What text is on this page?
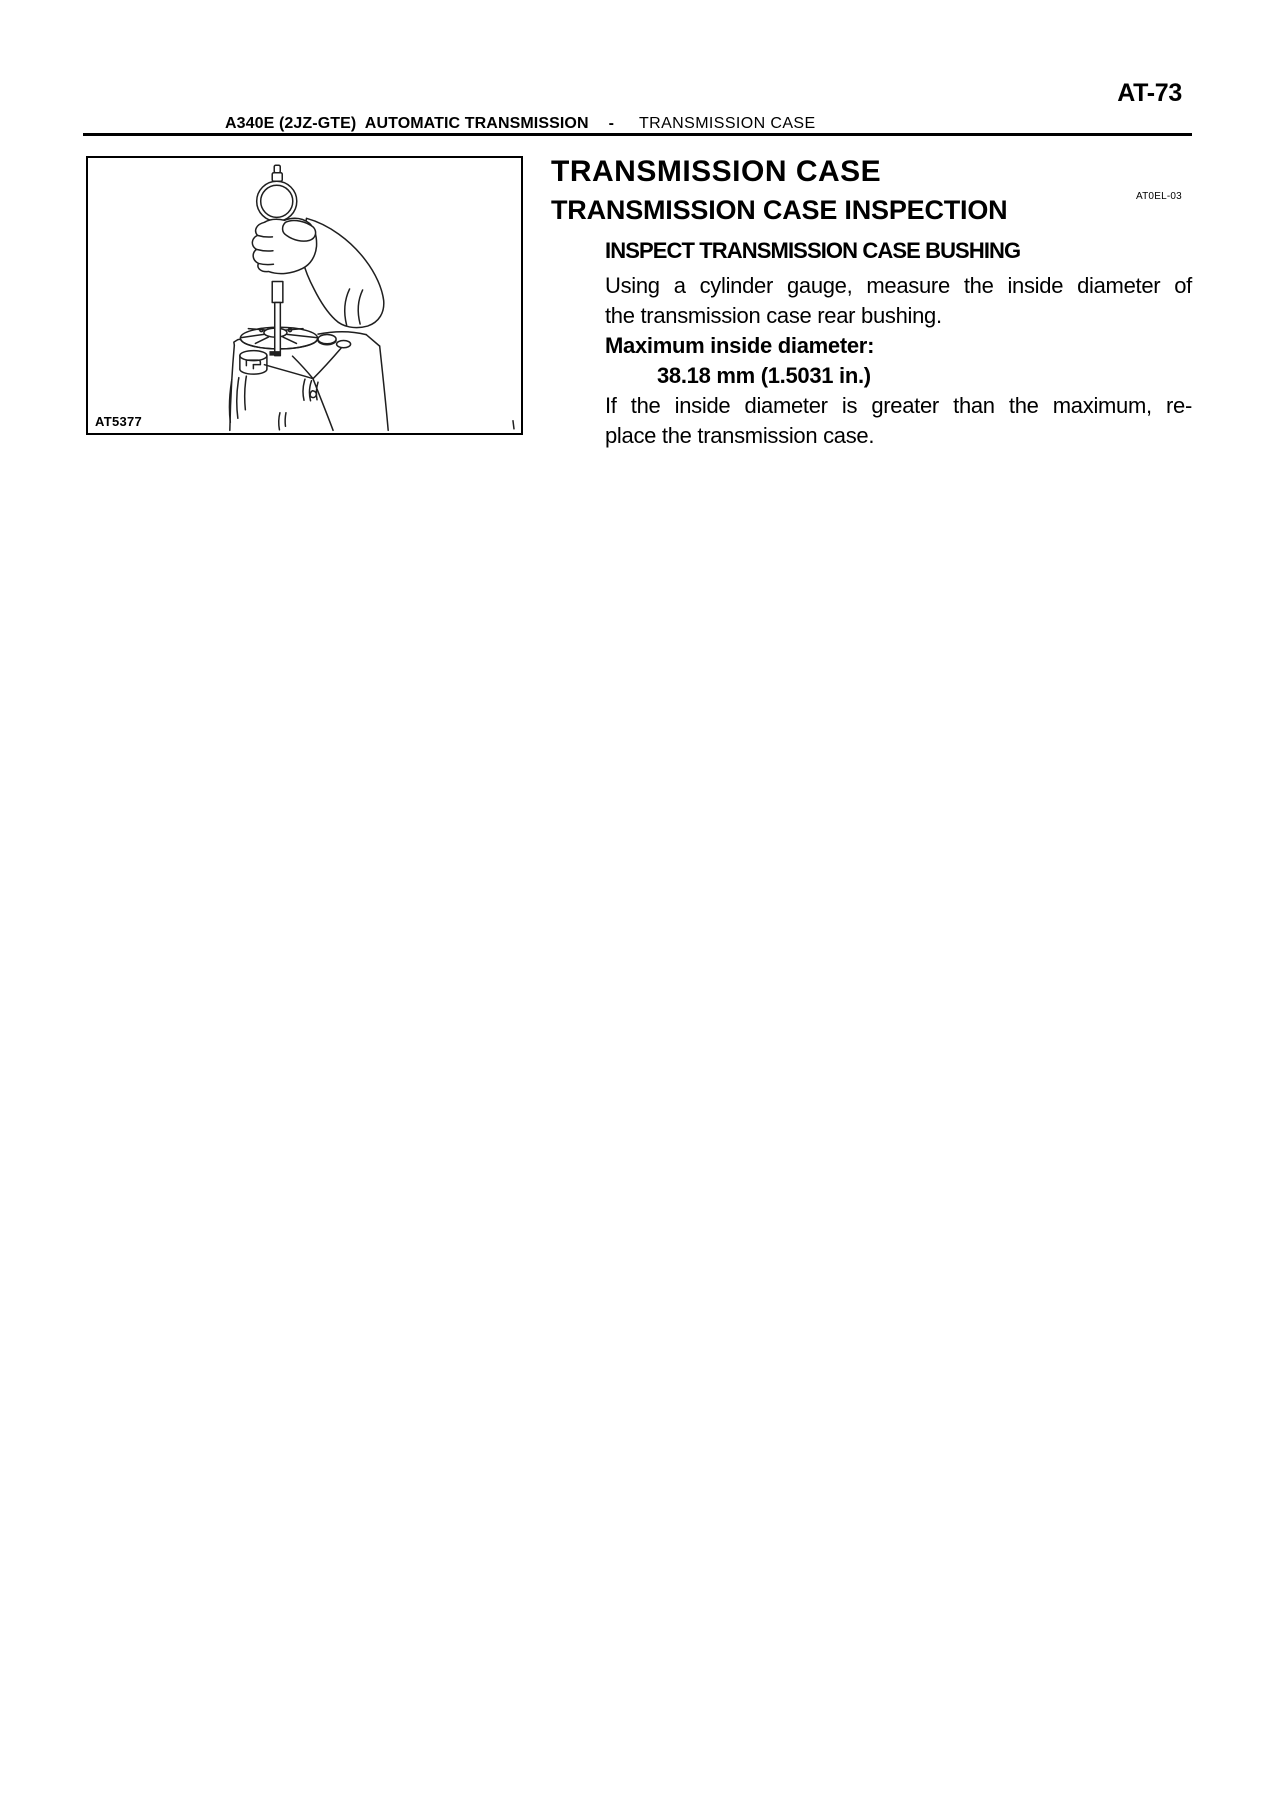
AT-73
A340E (2JZ-GTE)  AUTOMATIC TRANSMISSION - TRANSMISSION CASE
AT5377
TRANSMISSION CASE
TRANSMISSION CASE INSPECTION	AT0EL-03
INSPECT TRANSMISSION CASE BUSHING
Using a cylinder gauge, measure the inside diameter of
the transmission case rear bushing.
Maximum inside diameter:
38.18 mm (1.5031 in.)
If the inside diameter is greater than the maximum, re-
place the transmission case.
